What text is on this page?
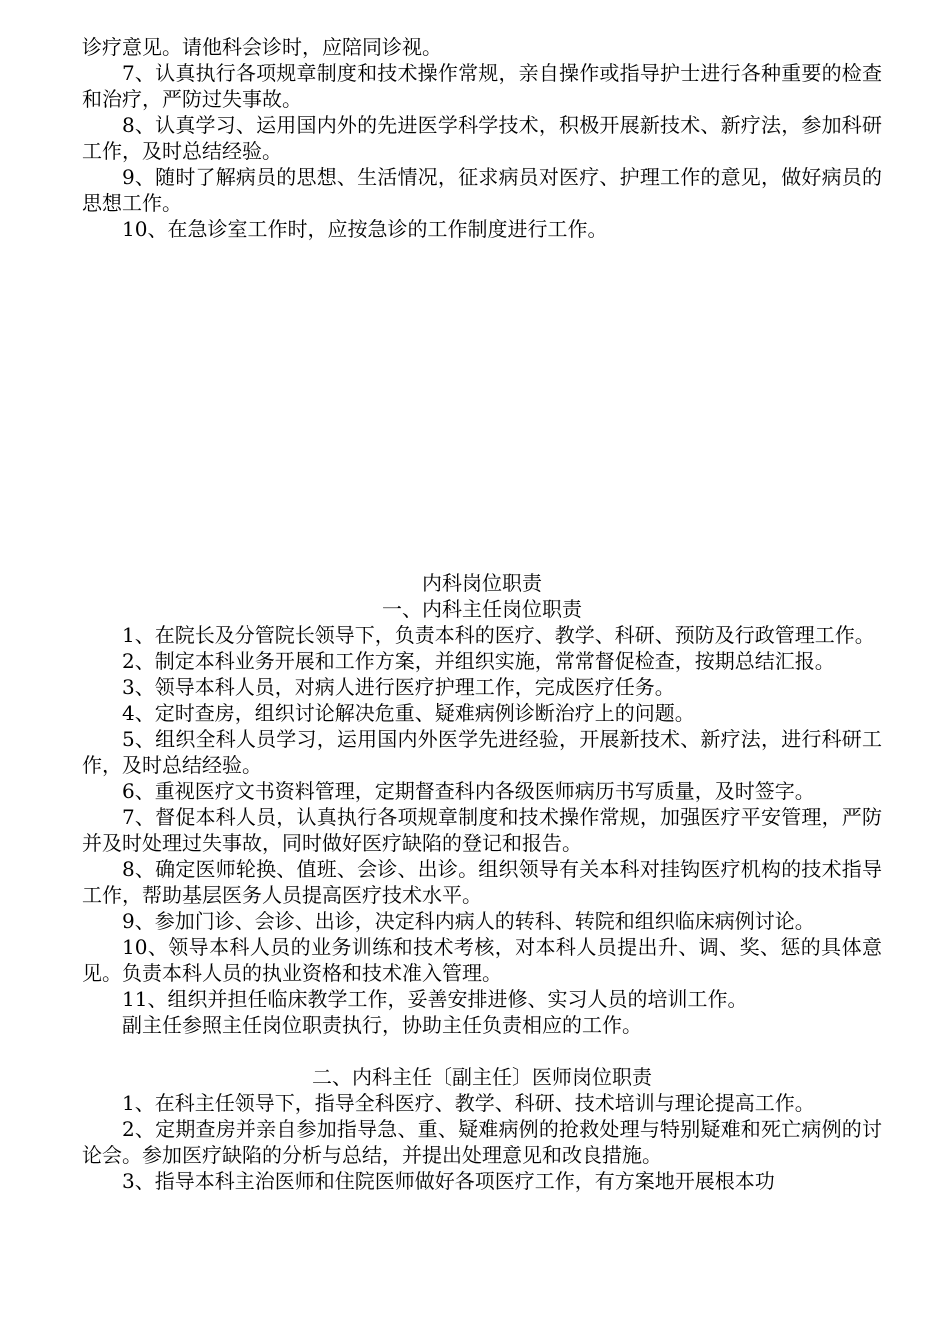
诊疗意见。请他科会诊时，应陪同诊视。

7、认真执行各项规章制度和技术操作常规，亲自操作或指导护士进行各种重要的检查和治疗，严防过失事故。

8、认真学习、运用国内外的先进医学科学技术，积极开展新技术、新疗法，参加科研工作，及时总结经验。

9、随时了解病员的思想、生活情况，征求病员对医疗、护理工作的意见，做好病员的思想工作。

10、在急诊室工作时，应按急诊的工作制度进行工作。

内科岗位职责

一、内科主任岗位职责

1、在院长及分管院长领导下，负责本科的医疗、教学、科研、预防及行政管理工作。

2、制定本科业务开展和工作方案，并组织实施，常常督促检查，按期总结汇报。

3、领导本科人员，对病人进行医疗护理工作，完成医疗任务。

4、定时查房，组织讨论解决危重、疑难病例诊断治疗上的问题。

5、组织全科人员学习，运用国内外医学先进经验，开展新技术、新疗法，进行科研工作，及时总结经验。

6、重视医疗文书资料管理，定期督查科内各级医师病历书写质量，及时签字。

7、督促本科人员，认真执行各项规章制度和技术操作常规，加强医疗平安管理，严防并及时处理过失事故，同时做好医疗缺陷的登记和报告。

8、确定医师轮换、值班、会诊、出诊。组织领导有关本科对挂钩医疗机构的技术指导工作，帮助基层医务人员提高医疗技术水平。

9、参加门诊、会诊、出诊，决定科内病人的转科、转院和组织临床病例讨论。

10、领导本科人员的业务训练和技术考核，对本科人员提出升、调、奖、惩的具体意见。负责本科人员的执业资格和技术准入管理。

11、组织并担任临床教学工作，妥善安排进修、实习人员的培训工作。

副主任参照主任岗位职责执行，协助主任负责相应的工作。

二、内科主任〔副主任〕医师岗位职责

1、在科主任领导下，指导全科医疗、教学、科研、技术培训与理论提高工作。

2、定期查房并亲自参加指导急、重、疑难病例的抢救处理与特别疑难和死亡病例的讨论会。参加医疗缺陷的分析与总结，并提出处理意见和改良措施。

3、指导本科主治医师和住院医师做好各项医疗工作，有方案地开展根本功
